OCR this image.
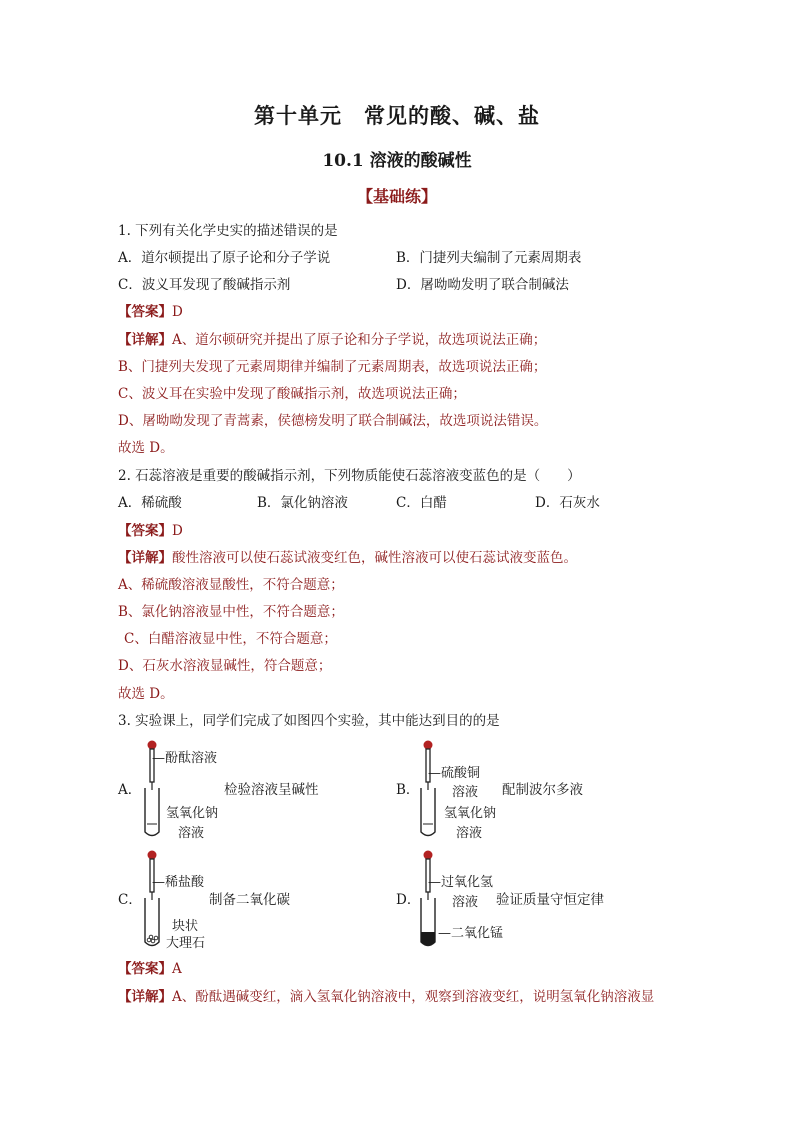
第十单元　常见的酸、碱、盐
10.1 溶液的酸碱性
【基础练】
1. 下列有关化学史实的描述错误的是
A．道尔顿提出了原子论和分子学说	B．门捷列夫编制了元素周期表
C．波义耳发现了酸碱指示剂	D．屠呦呦发明了联合制碱法
【答案】D
【详解】A、道尔顿研究并提出了原子论和分子学说，故选项说法正确；
B、门捷列夫发现了元素周期律并编制了元素周期表，故选项说法正确；
C、波义耳在实验中发现了酸碱指示剂，故选项说法正确；
D、屠呦呦发现了青蒿素，侯德榜发明了联合制碱法，故选项说法错误。
故选 D。
2. 石蕊溶液是重要的酸碱指示剂，下列物质能使石蕊溶液变蓝色的是（　　）
A．稀硫酸	B．氯化钠溶液	C．白醋	D．石灰水
【答案】D
【详解】酸性溶液可以使石蕊试液变红色，碱性溶液可以使石蕊试液变蓝色。
A、稀硫酸溶液显酸性，不符合题意；
B、氯化钠溶液显中性，不符合题意；
C、白醋溶液显中性，不符合题意；
D、石灰水溶液显碱性，符合题意；
故选 D。
3. 实验课上，同学们完成了如图四个实验，其中能达到目的的是
A．
—酚酞溶液
检验溶液呈碱性
氢氧化钠
溶液
B．
—硫酸铜
溶液 配制波尔多液
氢氧化钠
溶液
C．
—稀盐酸
制备二氧化碳
块状
大理石
D．
—过氧化氢
溶液 验证质量守恒定律
—二氧化锰
【答案】A
【详解】A、酚酞遇碱变红，滴入氢氧化钠溶液中，观察到溶液变红，说明氢氧化钠溶液显
